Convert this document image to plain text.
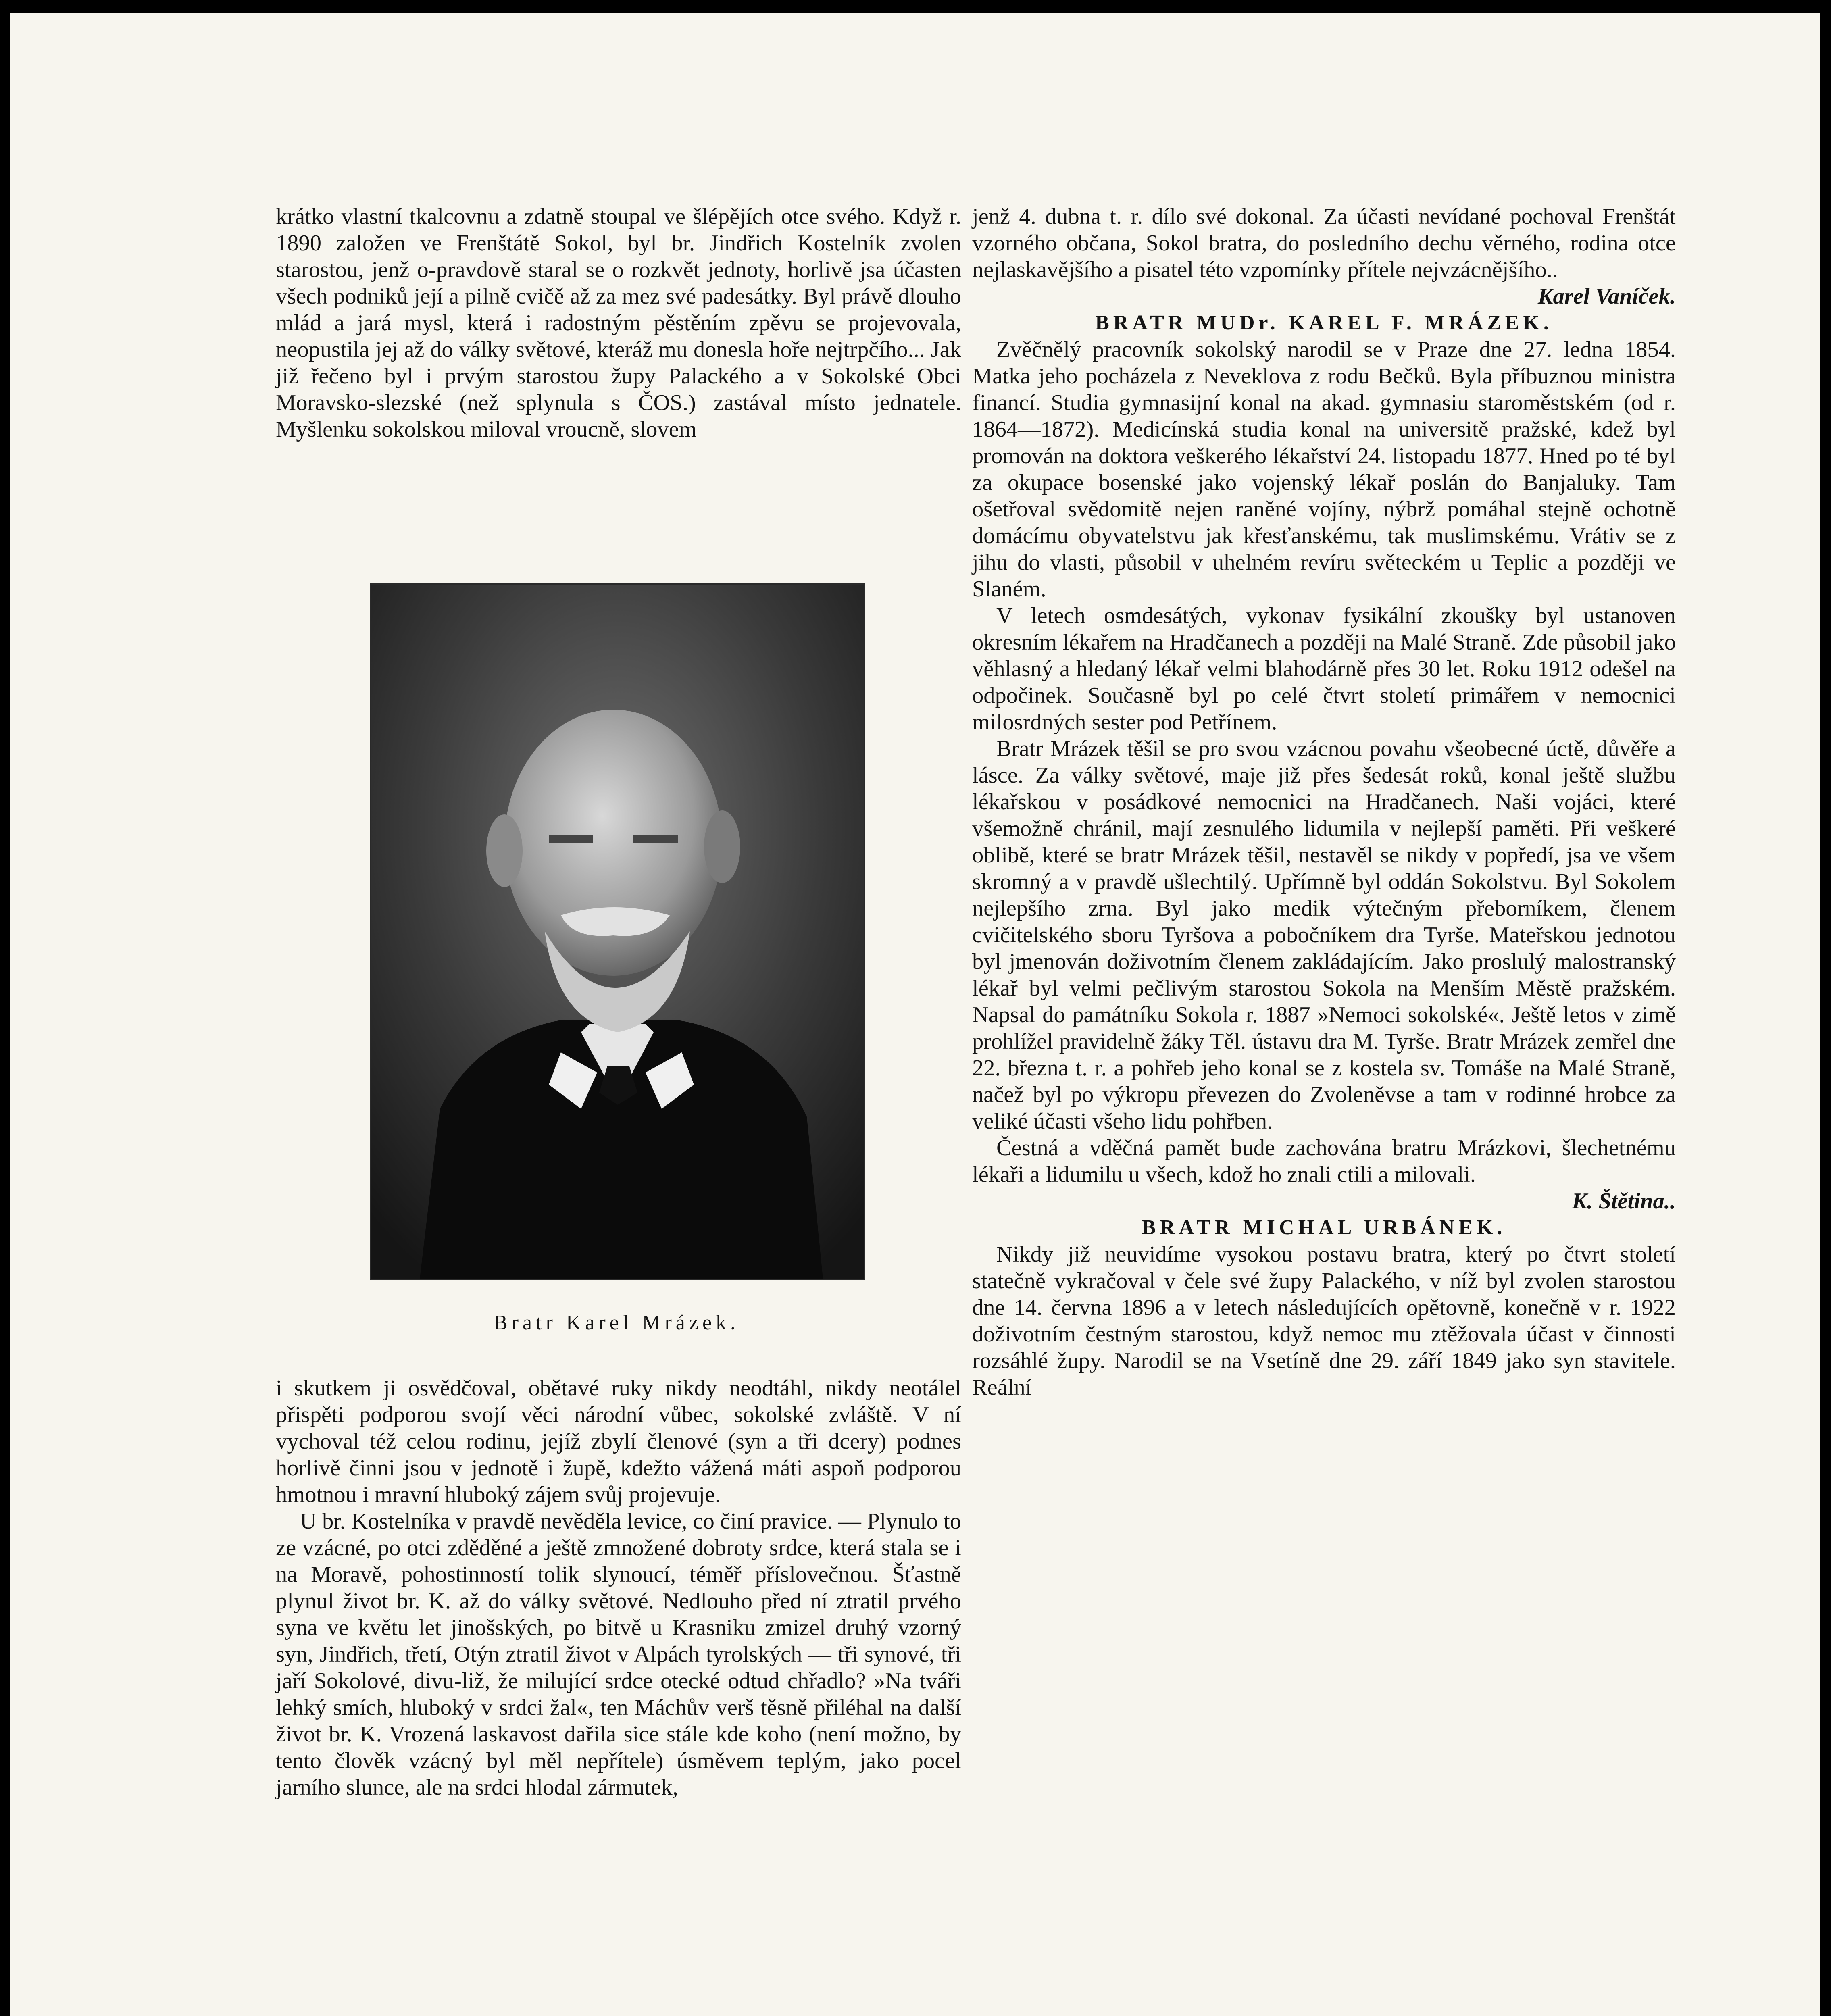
krátko vlastní tkalcovnu a zdatně stoupal ve šlépějích otce svého. Když r. 1890 založen ve Frenštátě Sokol, byl br. Jindřich Kostelník zvolen starostou, jenž o-pravdově staral se o rozkvět jednoty, horlivě jsa účasten všech podniků její a pilně cvičě až za mez své padesátky. Byl právě dlouho mlád a jará mysl, která i radostným pěstěním zpěvu se projevovala, neopustila jej až do války světové, kteráž mu donesla hoře nejtrpčího... Jak již řečeno byl i prvým starostou župy Palackého a v Sokolské Obci Moravsko-slezské (než splynula s ČOS.) zastával místo jednatele. Myšlenku sokolskou miloval vroucně, slovem

Bratr Karel Mrázek.

i skutkem ji osvědčoval, obětavé ruky nikdy neodtáhl, nikdy neotálel přispěti podporou svojí věci národní vůbec, sokolské zvláště. V ní vychoval též celou rodinu, jejíž zbylí členové (syn a tři dcery) podnes horlivě činni jsou v jednotě i župě, kdežto vážená máti aspoň podporou hmotnou i mravní hluboký zájem svůj projevuje.

U br. Kostelníka v pravdě nevěděla levice, co činí pravice. — Plynulo to ze vzácné, po otci zděděné a ještě zmnožené dobroty srdce, která stala se i na Moravě, pohostinností tolik slynoucí, téměř příslovečnou. Šťastně plynul život br. K. až do války světové. Nedlouho před ní ztratil prvého syna ve květu let jinošských, po bitvě u Krasniku zmizel druhý vzorný syn, Jindřich, třetí, Otýn ztratil život v Alpách tyrolských — tři synové, tři jaří Sokolové, divu-liž, že milující srdce otecké odtud chřadlo? »Na tváři lehký smích, hluboký v srdci žal«, ten Máchův verš těsně přiléhal na další život br. K. Vrozená laskavost dařila sice stále kde koho (není možno, by tento člověk vzácný byl měl nepřítele) úsměvem teplým, jako pocel jarního slunce, ale na srdci hlodal zármutek,

jenž 4. dubna t. r. dílo své dokonal. Za účasti nevídané pochoval Frenštát vzorného občana, Sokol bratra, do posledního dechu věrného, rodina otce nejlaskavějšího a pisatel této vzpomínky přítele nejvzácnějšího..

Karel Vaníček.

BRATR MUDr. KAREL F. MRÁZEK.

Zvěčnělý pracovník sokolský narodil se v Praze dne 27. ledna 1854. Matka jeho pocházela z Neveklova z rodu Bečků. Byla příbuznou ministra financí. Studia gymnasijní konal na akad. gymnasiu staroměstském (od r. 1864—1872). Medicínská studia konal na universitě pražské, kdež byl promován na doktora veškerého lékařství 24. listopadu 1877. Hned po té byl za okupace bosenské jako vojenský lékař poslán do Banjaluky. Tam ošetřoval svědomitě nejen raněné vojíny, nýbrž pomáhal stejně ochotně domácímu obyvatelstvu jak křesťanskému, tak muslimskému. Vrátiv se z jihu do vlasti, působil v uhelném revíru světeckém u Teplic a později ve Slaném.

V letech osmdesátých, vykonav fysikální zkoušky byl ustanoven okresním lékařem na Hradčanech a později na Malé Straně. Zde působil jako věhlasný a hledaný lékař velmi blahodárně přes 30 let. Roku 1912 odešel na odpočinek. Současně byl po celé čtvrt století primářem v nemocnici milosrdných sester pod Petřínem.

Bratr Mrázek těšil se pro svou vzácnou povahu všeobecné úctě, důvěře a lásce. Za války světové, maje již přes šedesát roků, konal ještě službu lékařskou v posádkové nemocnici na Hradčanech. Naši vojáci, které všemožně chránil, mají zesnulého lidumila v nejlepší paměti. Při veškeré oblibě, které se bratr Mrázek těšil, nestavěl se nikdy v popředí, jsa ve všem skromný a v pravdě ušlechtilý. Upřímně byl oddán Sokolstvu. Byl Sokolem nejlepšího zrna. Byl jako medik výtečným přeborníkem, členem cvičitelského sboru Tyršova a pobočníkem dra Tyrše. Mateřskou jednotou byl jmenován doživotním členem zakládajícím. Jako proslulý malostranský lékař byl velmi pečlivým starostou Sokola na Menším Městě pražském. Napsal do památníku Sokola r. 1887 »Nemoci sokolské«. Ještě letos v zimě prohlížel pravidelně žáky Těl. ústavu dra M. Tyrše. Bratr Mrázek zemřel dne 22. března t. r. a pohřeb jeho konal se z kostela sv. Tomáše na Malé Straně, načež byl po výkropu převezen do Zvoleněvse a tam v rodinné hrobce za veliké účasti všeho lidu pohřben.

Čestná a vděčná pamět bude zachována bratru Mrázkovi, šlechetnému lékaři a lidumilu u všech, kdož ho znali ctili a milovali.

K. Štětina..

BRATR MICHAL URBÁNEK.

Nikdy již neuvidíme vysokou postavu bratra, který po čtvrt století statečně vykračoval v čele své župy Palackého, v níž byl zvolen starostou dne 14. června 1896 a v letech následujících opětovně, konečně v r. 1922 doživotním čestným starostou, když nemoc mu ztěžovala účast v činnosti rozsáhlé župy. Narodil se na Vsetíně dne 29. září 1849 jako syn stavitele. Reální
